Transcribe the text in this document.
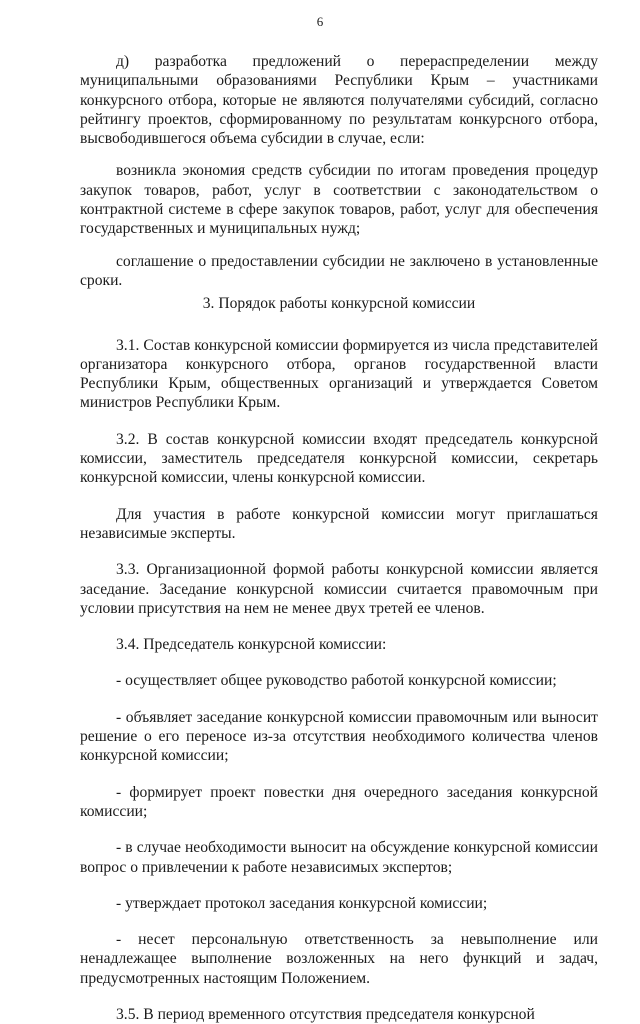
6

д) разработка предложений о перераспределении между муниципальными образованиями Республики Крым – участниками конкурсного отбора, которые не являются получателями субсидий, согласно рейтингу проектов, сформированному по результатам конкурсного отбора, высвободившегося объема субсидии в случае, если:

возникла экономия средств субсидии по итогам проведения процедур закупок товаров, работ, услуг в соответствии с законодательством о контрактной системе в сфере закупок товаров, работ, услуг для обеспечения государственных и муниципальных нужд;

соглашение о предоставлении субсидии не заключено в установленные сроки.

3. Порядок работы конкурсной комиссии

3.1. Состав конкурсной комиссии формируется из числа представителей организатора конкурсного отбора, органов государственной власти Республики Крым, общественных организаций и утверждается Советом министров Республики Крым.

3.2. В состав конкурсной комиссии входят председатель конкурсной комиссии, заместитель председателя конкурсной комиссии, секретарь конкурсной комиссии, члены конкурсной комиссии.

Для участия в работе конкурсной комиссии могут приглашаться независимые эксперты.

3.3. Организационной формой работы конкурсной комиссии является заседание. Заседание конкурсной комиссии считается правомочным при условии присутствия на нем не менее двух третей ее членов.

3.4. Председатель конкурсной комиссии:

- осуществляет общее руководство работой конкурсной комиссии;

- объявляет заседание конкурсной комиссии правомочным или выносит решение о его переносе из-за отсутствия необходимого количества членов конкурсной комиссии;

- формирует проект повестки дня очередного заседания конкурсной комиссии;

- в случае необходимости выносит на обсуждение конкурсной комиссии вопрос о привлечении к работе независимых экспертов;

- утверждает протокол заседания конкурсной комиссии;

- несет персональную ответственность за невыполнение или ненадлежащее выполнение возложенных на него функций и задач, предусмотренных настоящим Положением.

3.5. В период временного отсутствия председателя конкурсной
